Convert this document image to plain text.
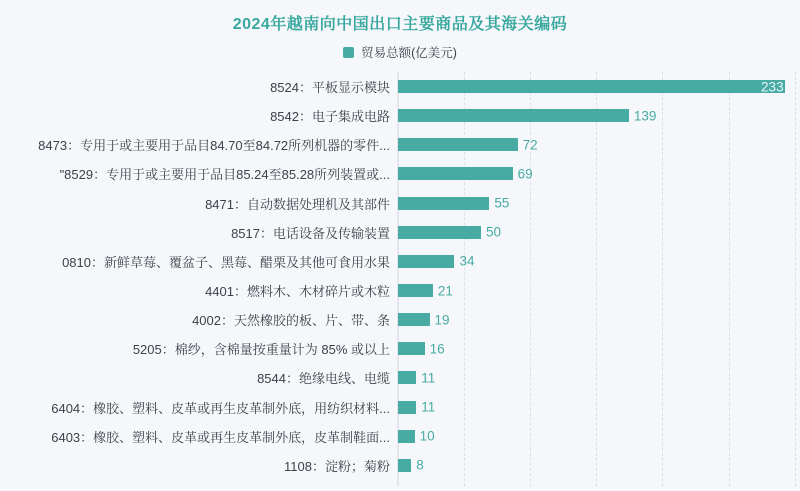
2024年越南向中国出口主要商品及其海关编码
贸易总额(亿美元)
8524：平板显示模块	233
8542：电子集成电路	139
8473：专用于或主要用于品目84.70至84.72所列机器的零件...	72
"8529：专用于或主要用于品目85.24至85.28所列装置或...	69
8471：自动数据处理机及其部件	55
8517：电话设备及传输装置	50
0810：新鲜草莓、覆盆子、黑莓、醋栗及其他可食用水果	34
4401：燃料木、木材碎片或木粒	21
4002：天然橡胶的板、片、带、条	19
5205：棉纱，含棉量按重量计为 85% 或以上	16
8544：绝缘电线、电缆 11
6404：橡胶、塑料、皮革或再生皮革制外底，用纺织材料... 11
6403：橡胶、塑料、皮革或再生皮革制外底，皮革制鞋面... 10
1108：淀粉；菊粉 8
